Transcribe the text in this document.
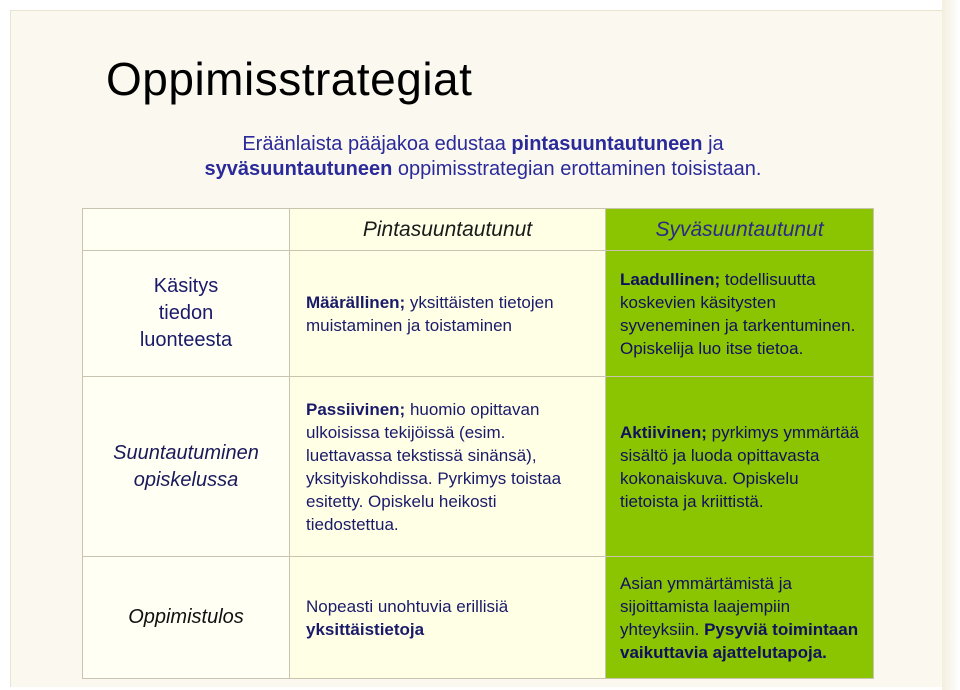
Oppimisstrategiat
Eräänlaista pääjakoa edustaa pintasuuntautuneen ja
syväsuuntautuneen oppimisstrategian erottaminen toisistaan.
	Pintasuuntautunut	Syväsuuntautunut

Käsitys
tiedon
luonteesta	Määrällinen; yksittäisten tietojen muistaminen ja toistaminen	Laadullinen; todellisuutta koskevien käsitysten syveneminen ja tarkentuminen. Opiskelija luo itse tietoa.

Suuntautuminen
opiskelussa	Passiivinen; huomio opittavan ulkoisissa tekijöissä (esim. luettavassa tekstissä sinänsä), yksityiskohdissa. Pyrkimys toistaa esitetty. Opiskelu heikosti tiedostettua.	Aktiivinen; pyrkimys ymmärtää sisältö ja luoda opittavasta kokonaiskuva. Opiskelu tietoista ja kriittistä.

Oppimistulos	Nopeasti unohtuvia erillisiä yksittäistietoja	Asian ymmärtämistä ja sijoittamista laajempiin yhteyksiin. Pysyviä toimintaan vaikuttavia ajattelutapoja.
